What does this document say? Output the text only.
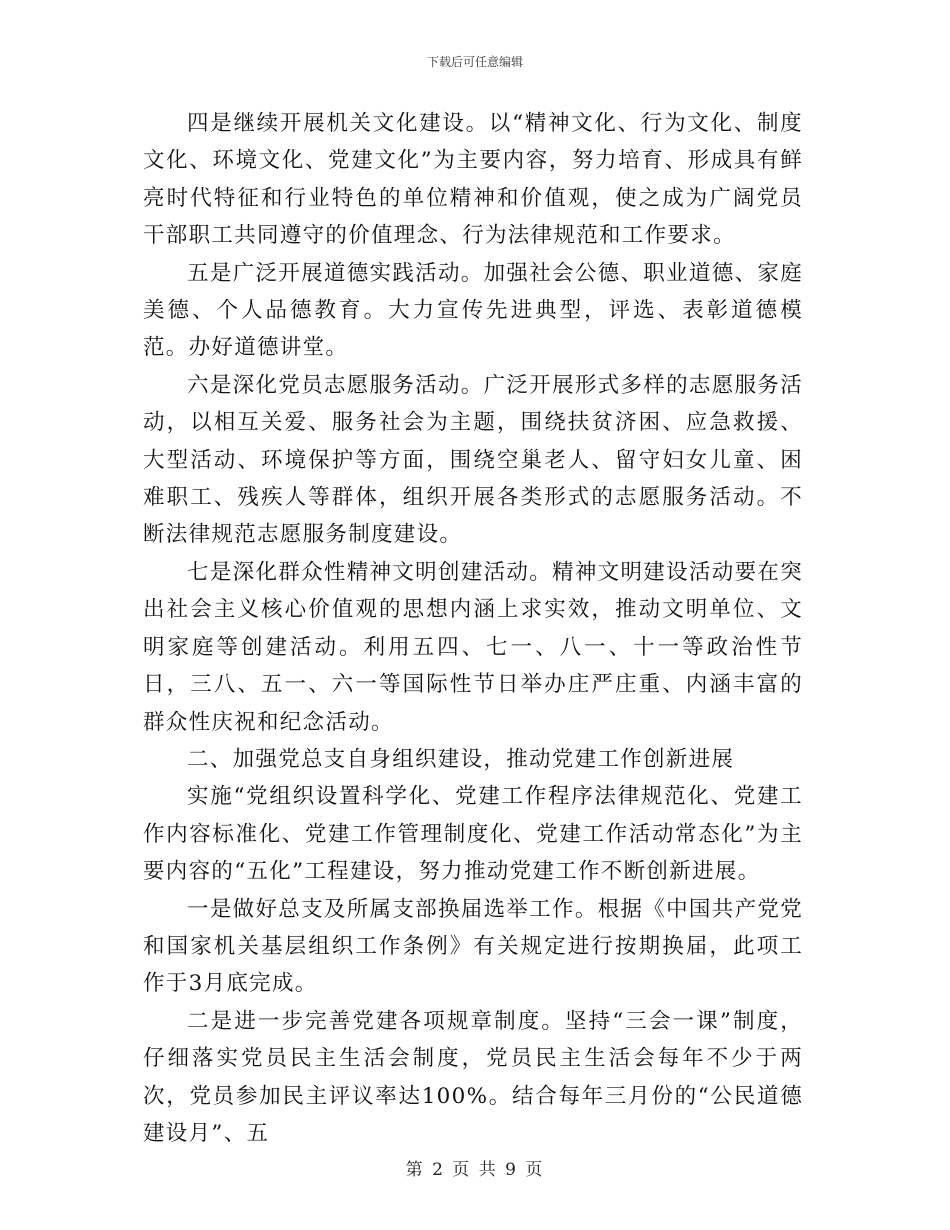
下载后可任意编辑

四是继续开展机关文化建设。以“精神文化、行为文化、制度文化、环境文化、党建文化”为主要内容，努力培育、形成具有鲜亮时代特征和行业特色的单位精神和价值观，使之成为广阔党员干部职工共同遵守的价值理念、行为法律规范和工作要求。

五是广泛开展道德实践活动。加强社会公德、职业道德、家庭美德、个人品德教育。大力宣传先进典型，评选、表彰道德模范。办好道德讲堂。

六是深化党员志愿服务活动。广泛开展形式多样的志愿服务活动，以相互关爱、服务社会为主题，围绕扶贫济困、应急救援、大型活动、环境保护等方面，围绕空巢老人、留守妇女儿童、困难职工、残疾人等群体，组织开展各类形式的志愿服务活动。不断法律规范志愿服务制度建设。

七是深化群众性精神文明创建活动。精神文明建设活动要在突出社会主义核心价值观的思想内涵上求实效，推动文明单位、文明家庭等创建活动。利用五四、七一、八一、十一等政治性节日，三八、五一、六一等国际性节日举办庄严庄重、内涵丰富的群众性庆祝和纪念活动。

二、加强党总支自身组织建设，推动党建工作创新进展

实施“党组织设置科学化、党建工作程序法律规范化、党建工作内容标准化、党建工作管理制度化、党建工作活动常态化”为主要内容的“五化”工程建设，努力推动党建工作不断创新进展。

一是做好总支及所属支部换届选举工作。根据《中国共产党党和国家机关基层组织工作条例》有关规定进行按期换届，此项工作于3月底完成。

二是进一步完善党建各项规章制度。坚持“三会一课”制度，仔细落实党员民主生活会制度，党员民主生活会每年不少于两次，党员参加民主评议率达100%。结合每年三月份的“公民道德建设月”、五

第 2 页 共 9 页
